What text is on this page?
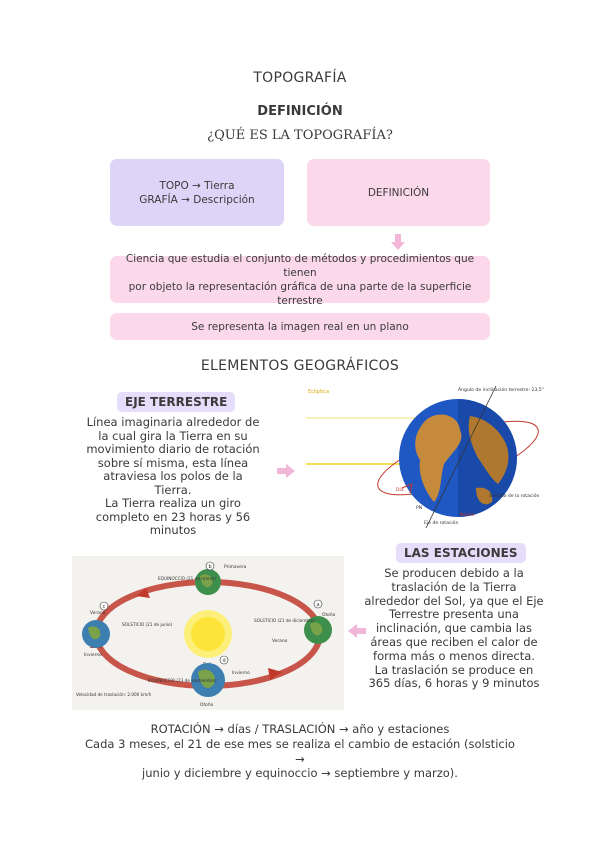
TOPOGRAFÍA
DEFINICIÓN
¿QUÉ ES LA TOPOGRAFÍA?
TOPO → Tierra
GRAFÍA → Descripción
DEFINICIÓN
Ciencia que estudia el conjunto de métodos y procedimientos que tienen
por objeto la representación gráfica de una parte de la superficie terrestre
Se representa la imagen real en un plano
ELEMENTOS GEOGRÁFICOS
EJE TERRESTRE
Línea imaginaria alrededor de
la cual gira la Tierra en su
movimiento diario de rotación
sobre sí misma, esta línea
atraviesa los polos de la
Tierra.
La Tierra realiza un giro
completo en 23 horas y 56
minutos
Eclíptica	Ángulo de inclinación terrestre: 23,5°
Día
Noche
Sentido de la rotación
Eje de rotación
PN
LAS ESTACIONES
Se producen debido a la
traslación de la Tierra
alrededor del Sol, ya que el Eje
Terrestre presenta una
inclinación, que cambia las
áreas que reciben el calor de
forma más o menos directa.
La traslación se produce en
365 días, 6 horas y 9 minutos
b
a
d
c
Primavera
EQUINOCCIO (21 de marzo)
Verano
SOLSTICIO (21 de junio)
Invierno
SOLSTICIO (21 de diciembre)
Otoño
Verano
Invierno
EQUINOCCIO (23 de septiembre)
Otoño
Velocidad de traslación: 2.000 km/h
ROTACIÓN → días / TRASLACIÓN → año y estaciones
Cada 3 meses, el 21 de ese mes se realiza el cambio de estación (solsticio →
junio y diciembre y equinoccio → septiembre y marzo).
